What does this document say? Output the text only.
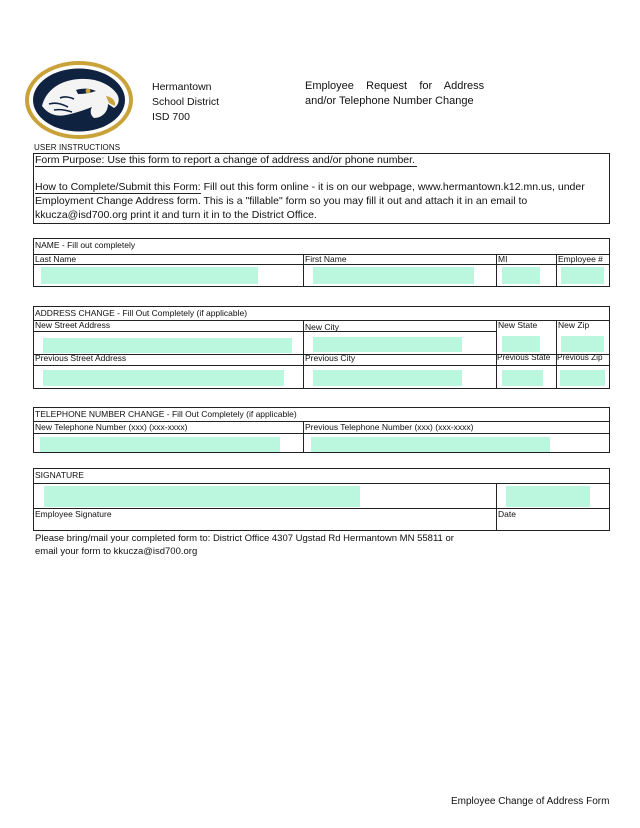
Hermantown
School District
ISD 700
Employee    Request    for    Address
and/or Telephone Number Change
USER INSTRUCTIONS
Form Purpose: Use this form to report a change of address and/or phone number.
How to Complete/Submit this Form: Fill out this form online - it is on our webpage, www.hermantown.k12.mn.us, under Employment Change Address form. This is a "fillable" form so you may fill it out and attach it in an email to kkucza@isd700.org print it and turn it in to the District Office.
NAME - Fill out completely
Last Name	First Name	MI	Employee #
ADDRESS CHANGE - Fill Out Completely (if applicable)
New Street Address	New City	New State New Zip
Previous Street Address	Previous City	Previous State Previous Zip
TELEPHONE NUMBER CHANGE - Fill Out Completely (if applicable)
New Telephone Number (xxx) (xxx-xxxx)	Previous Telephone Number (xxx) (xxx-xxxx)
SIGNATURE
Employee Signature	Date
Please bring/mail your completed form to: District Office 4307 Ugstad Rd Hermantown MN 55811 or
email your form to kkucza@isd700.org
Employee Change of Address Form
